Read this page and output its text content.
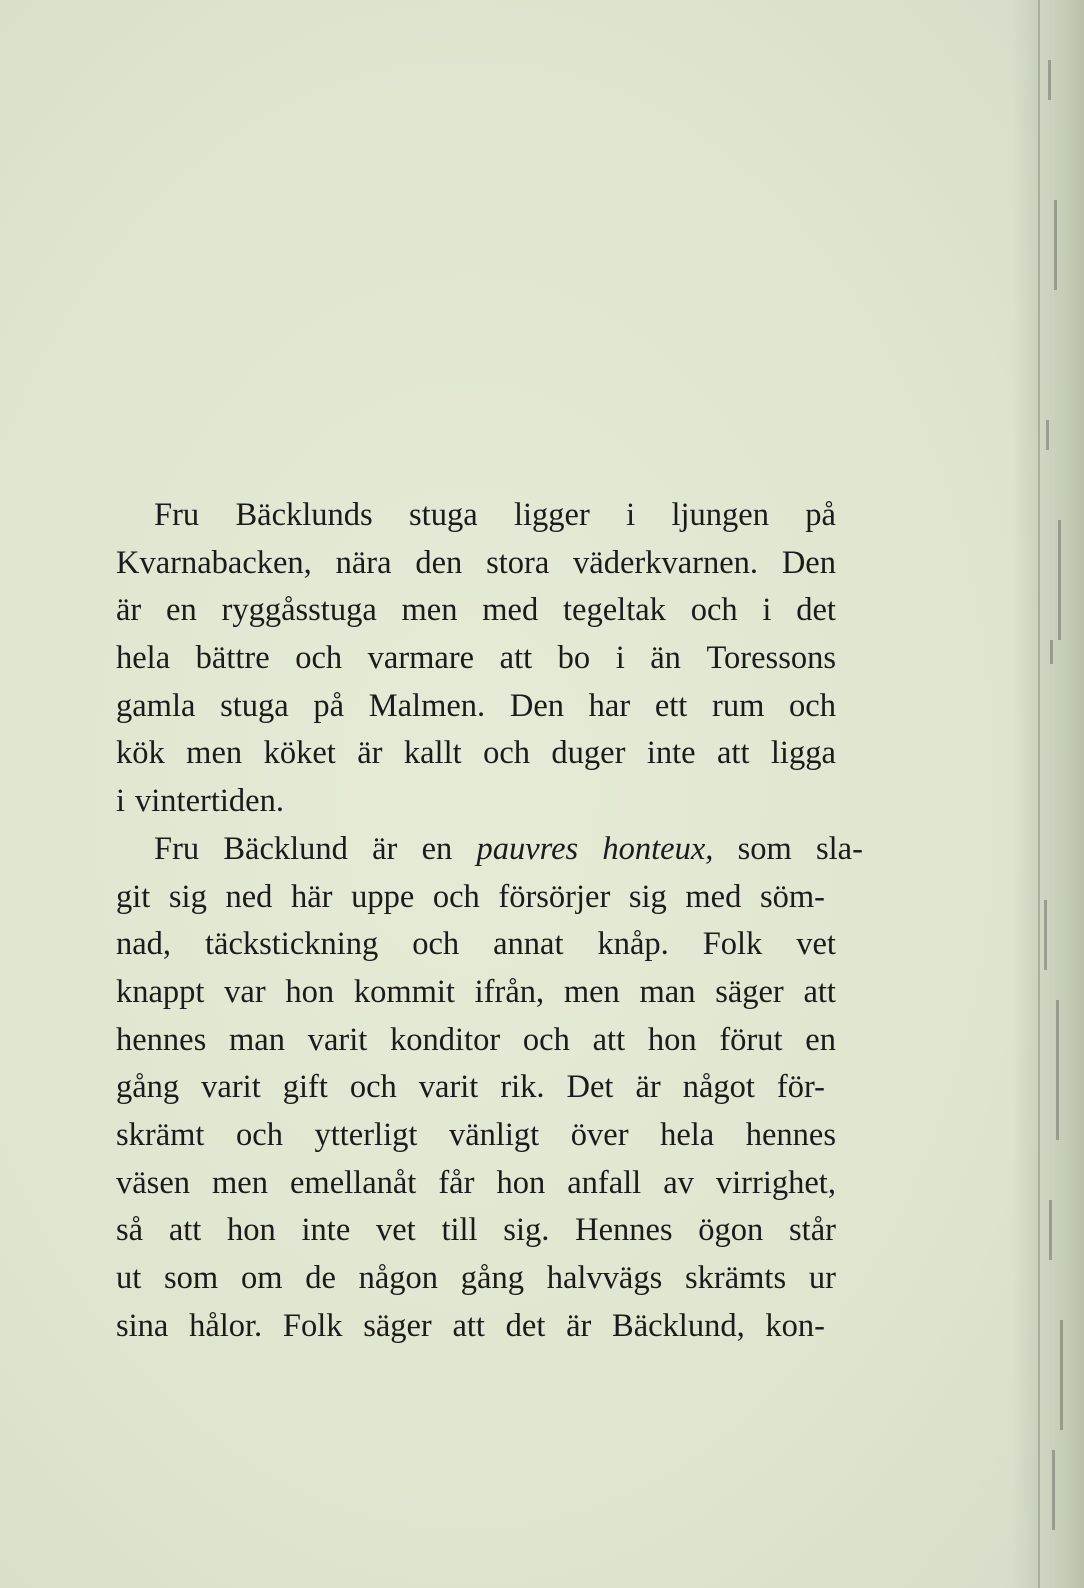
Fru Bäcklunds stuga ligger i ljungen på
Kvarnabacken, nära den stora väderkvarnen. Den
är en ryggåsstuga men med tegeltak och i det
hela bättre och varmare att bo i än Toressons
gamla stuga på Malmen. Den har ett rum och
kök men köket är kallt och duger inte att ligga
i vintertiden.
Fru Bäcklund är en pauvres honteux, som sla-
git sig ned här uppe och försörjer sig med söm-
nad, täckstickning och annat knåp. Folk vet
knappt var hon kommit ifrån, men man säger att
hennes man varit konditor och att hon förut en
gång varit gift och varit rik. Det är något för-
skrämt och ytterligt vänligt över hela hennes
väsen men emellanåt får hon anfall av virrighet,
så att hon inte vet till sig. Hennes ögon står
ut som om de någon gång halvvägs skrämts ur
sina hålor. Folk säger att det är Bäcklund, kon-
